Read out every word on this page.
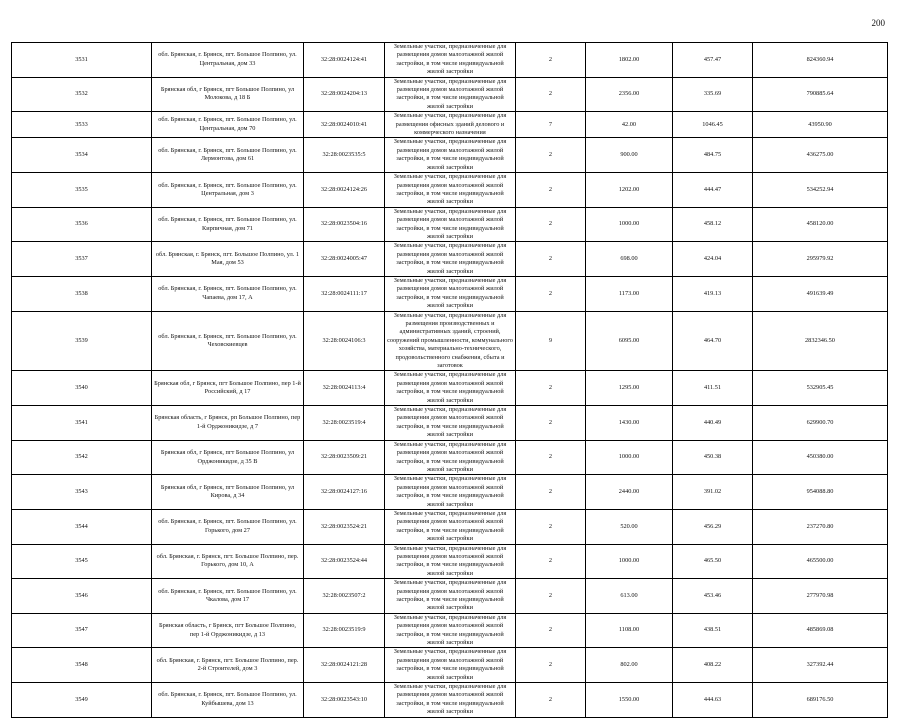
200
3531	обл. Брянская, г. Брянск, пгт. Большое Полпино, ул. Центральная, дом 33	32:28:0024124:41	Земельные участки, предназначенные для размещения домов малоэтажной жилой застройки, в том числе индивидуальной жилой застройки	2	1802.00	457.47	824360.94
3532	Брянская обл, г Брянск, пгт Большое Полпино, ул Молокова, д 18 Б	32:28:0024204:13	Земельные участки, предназначенные для размещения домов малоэтажной жилой застройки, в том числе индивидуальной жилой застройки	2	2356.00	335.69	790885.64
3533	обл. Брянская, г. Брянск, пгт. Большое Полпино, ул. Центральная, дом 70	32:28:0024010:41	Земельные участки, предназначенные для размещения офисных зданий делового и коммерческого назначения	7	42.00	1046.45	43950.90
3534	обл. Брянская, г. Брянск, пгт. Большое Полпино, ул. Лермонтова, дом 61	32:28:0023535:5	Земельные участки, предназначенные для размещения домов малоэтажной жилой застройки, в том числе индивидуальной жилой застройки	2	900.00	484.75	436275.00
3535	обл. Брянская, г. Брянск, пгт. Большое Полпино, ул. Центральная, дом 3	32:28:0024124:26	Земельные участки, предназначенные для размещения домов малоэтажной жилой застройки, в том числе индивидуальной жилой застройки	2	1202.00	444.47	534252.94
3536	обл. Брянская, г. Брянск, пгт. Большое Полпино, ул. Кирпичная, дом 71	32:28:0023504:16	Земельные участки, предназначенные для размещения домов малоэтажной жилой застройки, в том числе индивидуальной жилой застройки	2	1000.00	458.12	458120.00
3537	обл. Брянская, г. Брянск, пгт. Большое Полпино, ул. 1 Мая, дом 53	32:28:0024005:47	Земельные участки, предназначенные для размещения домов малоэтажной жилой застройки, в том числе индивидуальной жилой застройки	2	698.00	424.04	295979.92
3538	обл. Брянская, г. Брянск, пгт. Большое Полпино, ул. Чапаева, дом 17, А	32:28:0024111:17	Земельные участки, предназначенные для размещения домов малоэтажной жилой застройки, в том числе индивидуальной жилой застройки	2	1173.00	419.13	491639.49
3539	обл. Брянская, г. Брянск, пгт. Большое Полпино, ул. Чеховскиевцев	32:28:0024106:3	Земельные участки, предназначенные для размещения производственных и административных зданий, строений, сооружений промышленности, коммунального хозяйства, материально-технического, продовольственного снабжения, сбыта и заготовок	9	6095.00	464.70	2832346.50
3540	Брянская обл, г Брянск, пгт Большое Полпино, пер 1-й Российский, д 17	32:28:0024113:4	Земельные участки, предназначенные для размещения домов малоэтажной жилой застройки, в том числе индивидуальной жилой застройки	2	1295.00	411.51	532905.45
3541	Брянская область, г Брянск, рп Большое Полпино, пер 1-й Орджоникидзе, д 7	32:28:0023519:4	Земельные участки, предназначенные для размещения домов малоэтажной жилой застройки, в том числе индивидуальной жилой застройки	2	1430.00	440.49	629900.70
3542	Брянская обл, г Брянск, пгт Большое Полпино, ул Орджоникидзе, д 35 В	32:28:0023509:21	Земельные участки, предназначенные для размещения домов малоэтажной жилой застройки, в том числе индивидуальной жилой застройки	2	1000.00	450.38	450380.00
3543	Брянская обл, г Брянск, пгт Большое Полпино, ул Кирова, д 34	32:28:0024127:16	Земельные участки, предназначенные для размещения домов малоэтажной жилой застройки, в том числе индивидуальной жилой застройки	2	2440.00	391.02	954088.80
3544	обл. Брянская, г. Брянск, пгт. Большое Полпино, ул. Горького, дом 27	32:28:0023524:21	Земельные участки, предназначенные для размещения домов малоэтажной жилой застройки, в том числе индивидуальной жилой застройки	2	520.00	456.29	237270.80
3545	обл. Брянская, г. Брянск, пгт. Большое Полпино, пер. Горького, дом 10, А	32:28:0023524:44	Земельные участки, предназначенные для размещения домов малоэтажной жилой застройки, в том числе индивидуальной жилой застройки	2	1000.00	465.50	465500.00
3546	обл. Брянская, г. Брянск, пгт. Большое Полпино, ул. Чкалова, дом 17	32:28:0023507:2	Земельные участки, предназначенные для размещения домов малоэтажной жилой застройки, в том числе индивидуальной жилой застройки	2	613.00	453.46	277970.98
3547	Брянская область, г Брянск, пгт Большое Полпино, пер 1-й Орджоникидзе, д 13	32:28:0023519:9	Земельные участки, предназначенные для размещения домов малоэтажной жилой застройки, в том числе индивидуальной жилой застройки	2	1108.00	438.51	485869.08
3548	обл. Брянская, г. Брянск, пгт. Большое Полпино, пер. 2-й Строителей, дом 3	32:28:0024121:28	Земельные участки, предназначенные для размещения домов малоэтажной жилой застройки, в том числе индивидуальной жилой застройки	2	802.00	408.22	327392.44
3549	обл. Брянская, г. Брянск, пгт. Большое Полпино, ул. Куйбышева, дом 13	32:28:0023543:10	Земельные участки, предназначенные для размещения домов малоэтажной жилой застройки, в том числе индивидуальной жилой застройки	2	1550.00	444.63	689176.50
